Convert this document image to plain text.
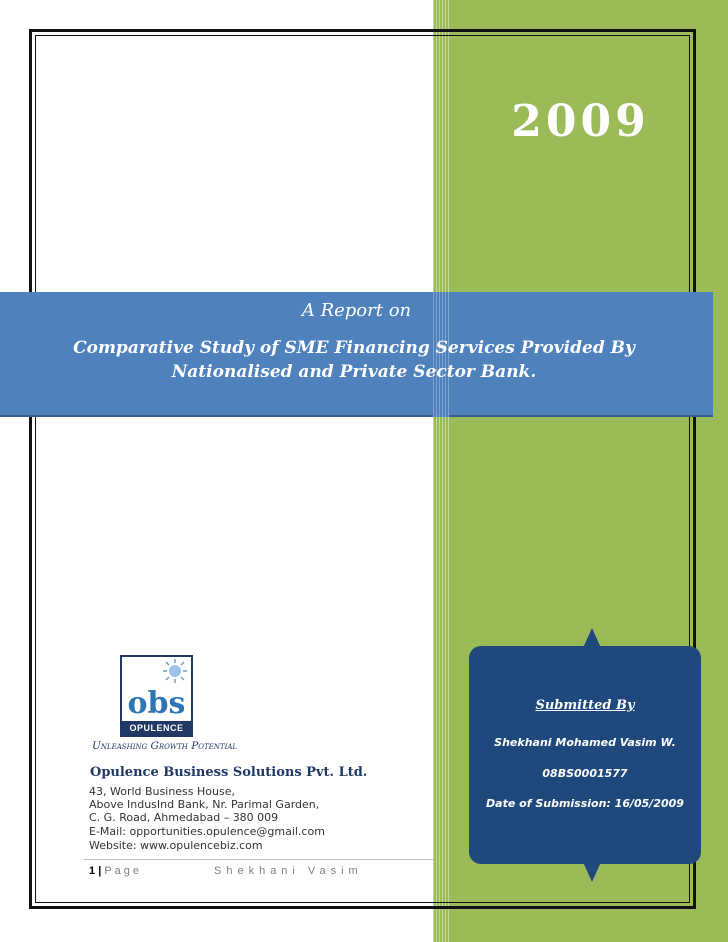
2009
A Report on
Comparative Study of SME Financing Services Provided By
Nationalised and Private Sector Bank.
obs
OPULENCE
Unleashing Growth Potential
Opulence Business Solutions Pvt. Ltd.
43, World Business House,
Above IndusInd Bank, Nr. Parimal Garden,
C. G. Road, Ahmedabad – 380 009
E-Mail: opportunities.opulence@gmail.com
Website: www.opulencebiz.com
1 | Page	Shekhani Vasim
Submitted By
Shekhani Mohamed Vasim W.
08BS0001577
Date of Submission: 16/05/2009
